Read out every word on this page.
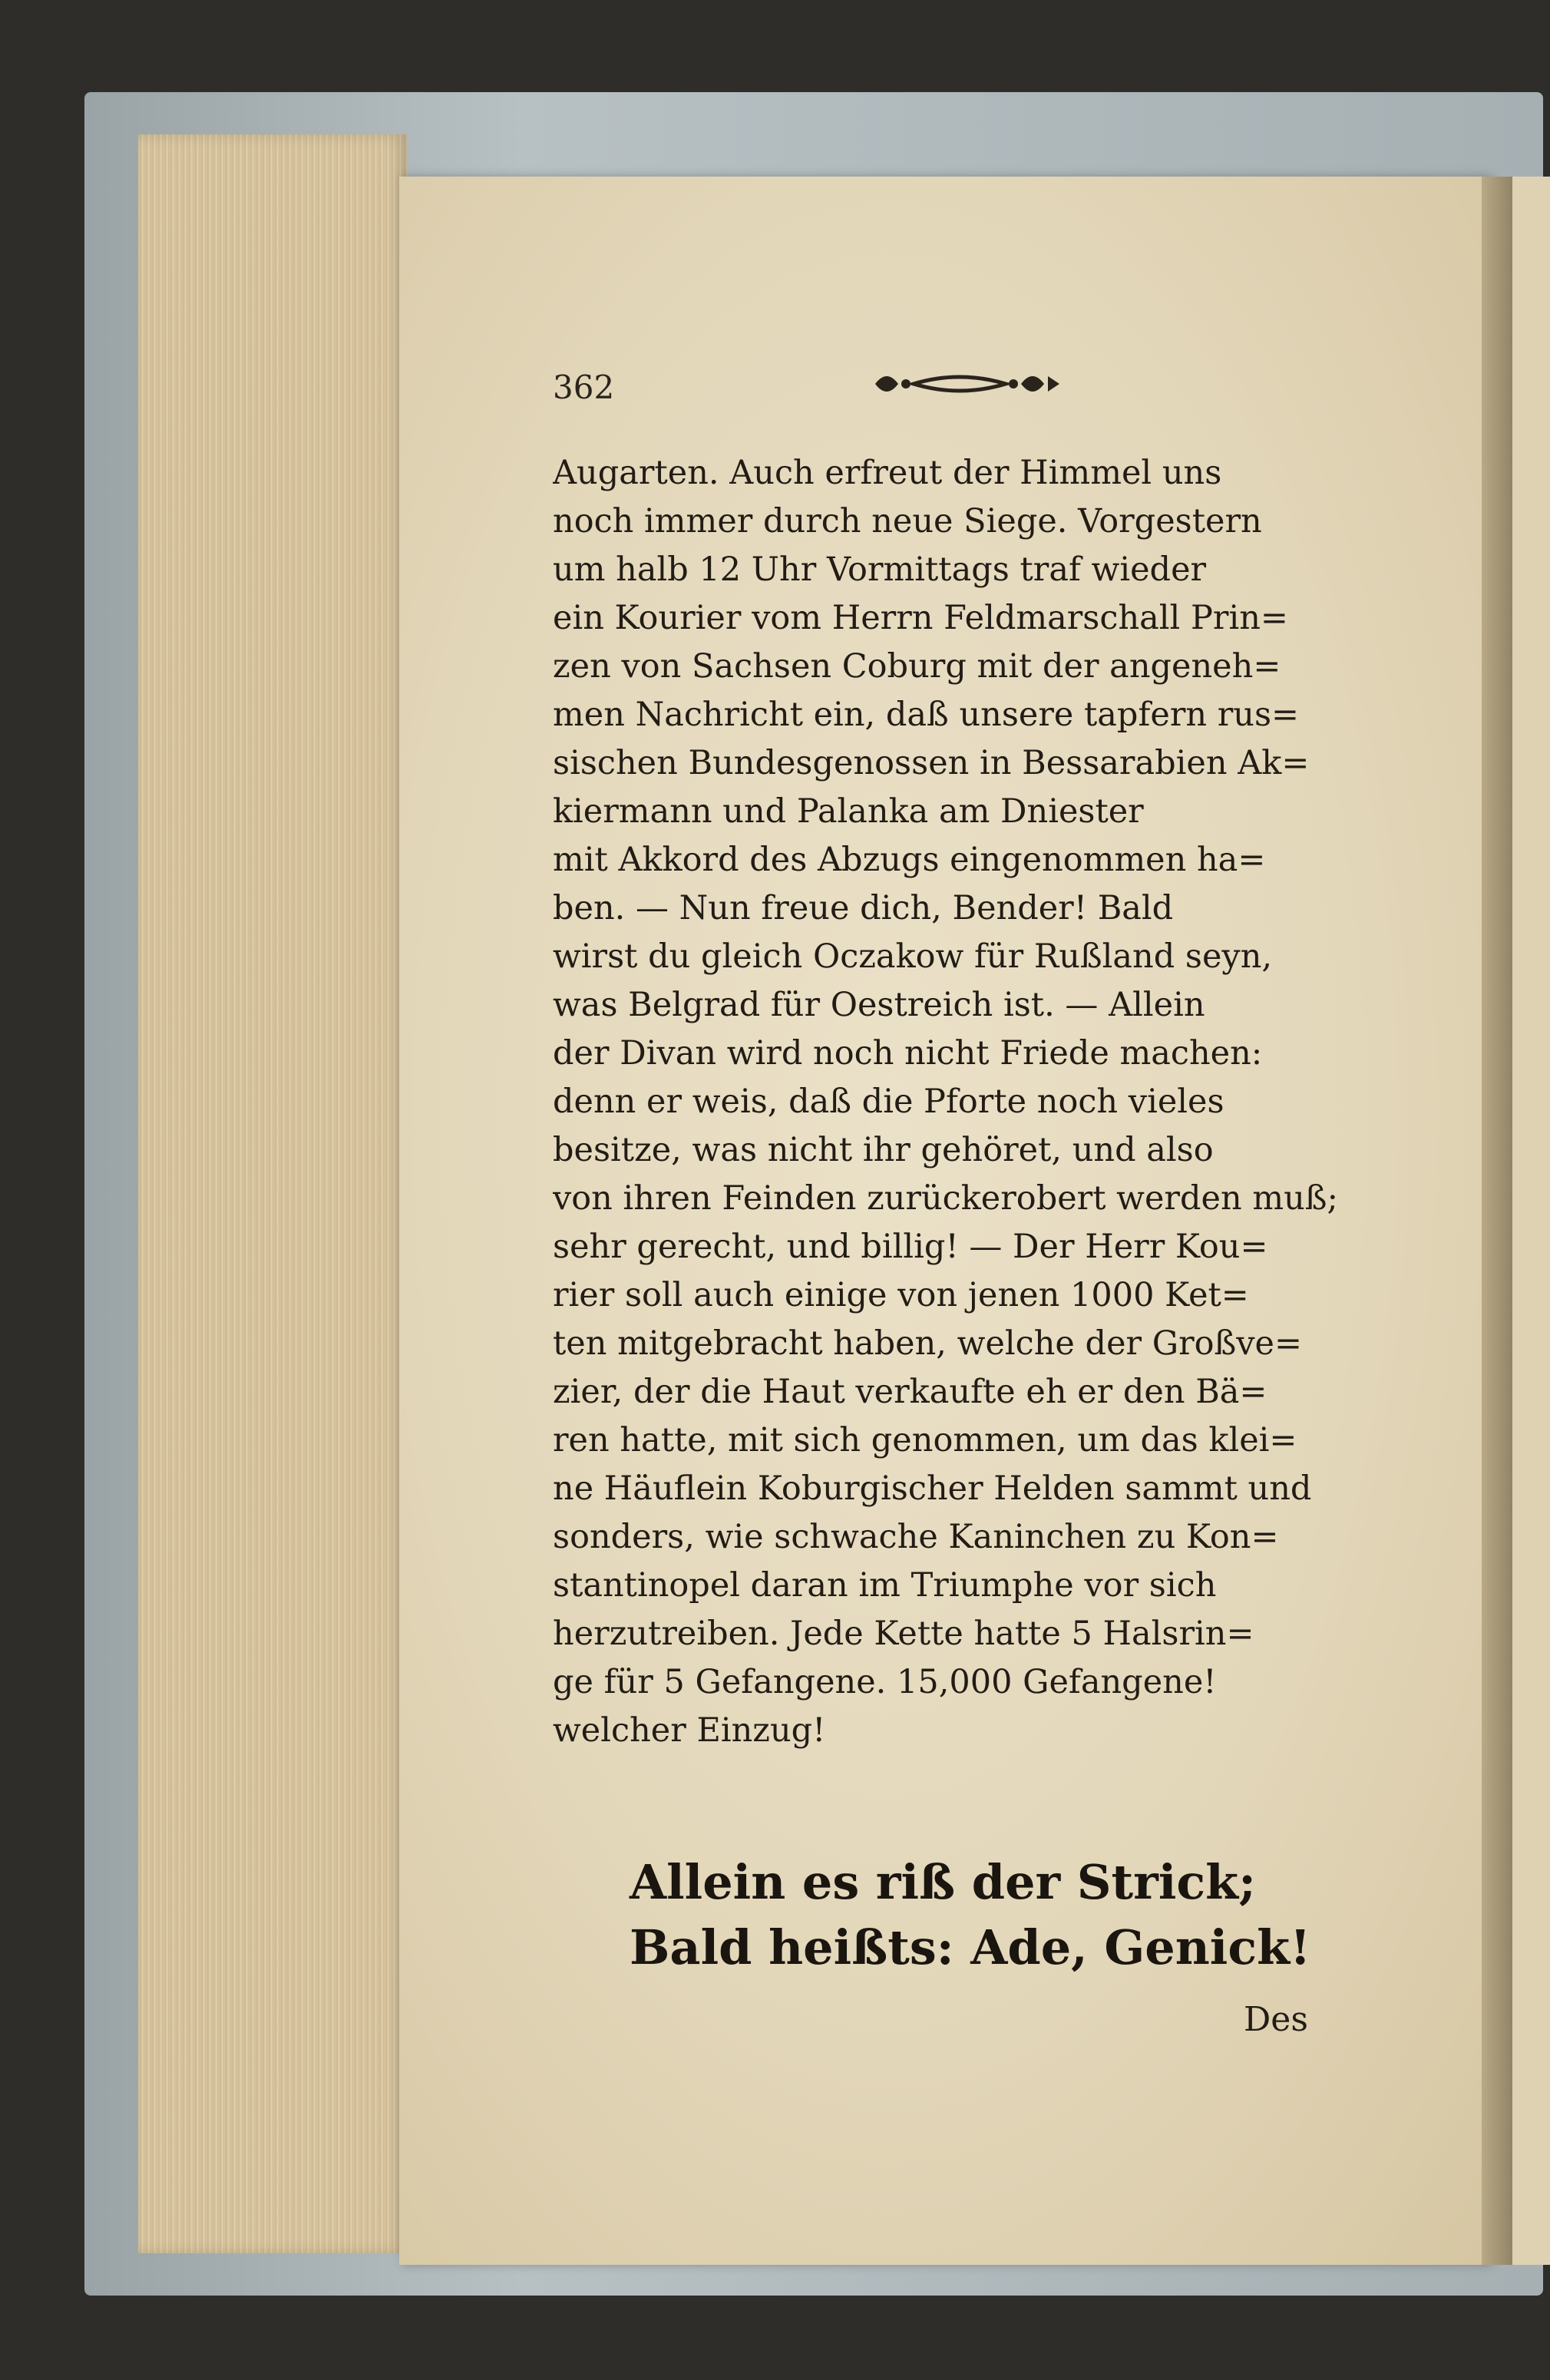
362
Augarten. Auch erfreut der Himmel uns
noch immer durch neue Siege. Vorgestern
um halb 12 Uhr Vormittags traf wieder
ein Kourier vom Herrn Feldmarschall Prin=
zen von Sachsen Coburg mit der angeneh=
men Nachricht ein, daß unsere tapfern rus=
sischen Bundesgenossen in Bessarabien Ak=
kiermann und Palanka am Dniester
mit Akkord des Abzugs eingenommen ha=
ben. — Nun freue dich, Bender! Bald
wirst du gleich Oczakow für Rußland seyn,
was Belgrad für Oestreich ist. — Allein
der Divan wird noch nicht Friede machen:
denn er weis, daß die Pforte noch vieles
besitze, was nicht ihr gehöret, und also
von ihren Feinden zurückerobert werden muß;
sehr gerecht, und billig! — Der Herr Kou=
rier soll auch einige von jenen 1000 Ket=
ten mitgebracht haben, welche der Großve=
zier, der die Haut verkaufte eh er den Bä=
ren hatte, mit sich genommen, um das klei=
ne Häuflein Koburgischer Helden sammt und
sonders, wie schwache Kaninchen zu Kon=
stantinopel daran im Triumphe vor sich
herzutreiben. Jede Kette hatte 5 Halsrin=
ge für 5 Gefangene. 15,000 Gefangene!
welcher Einzug!
Allein es riß der Strick;
Bald heißts: Ade, Genick!
Des
